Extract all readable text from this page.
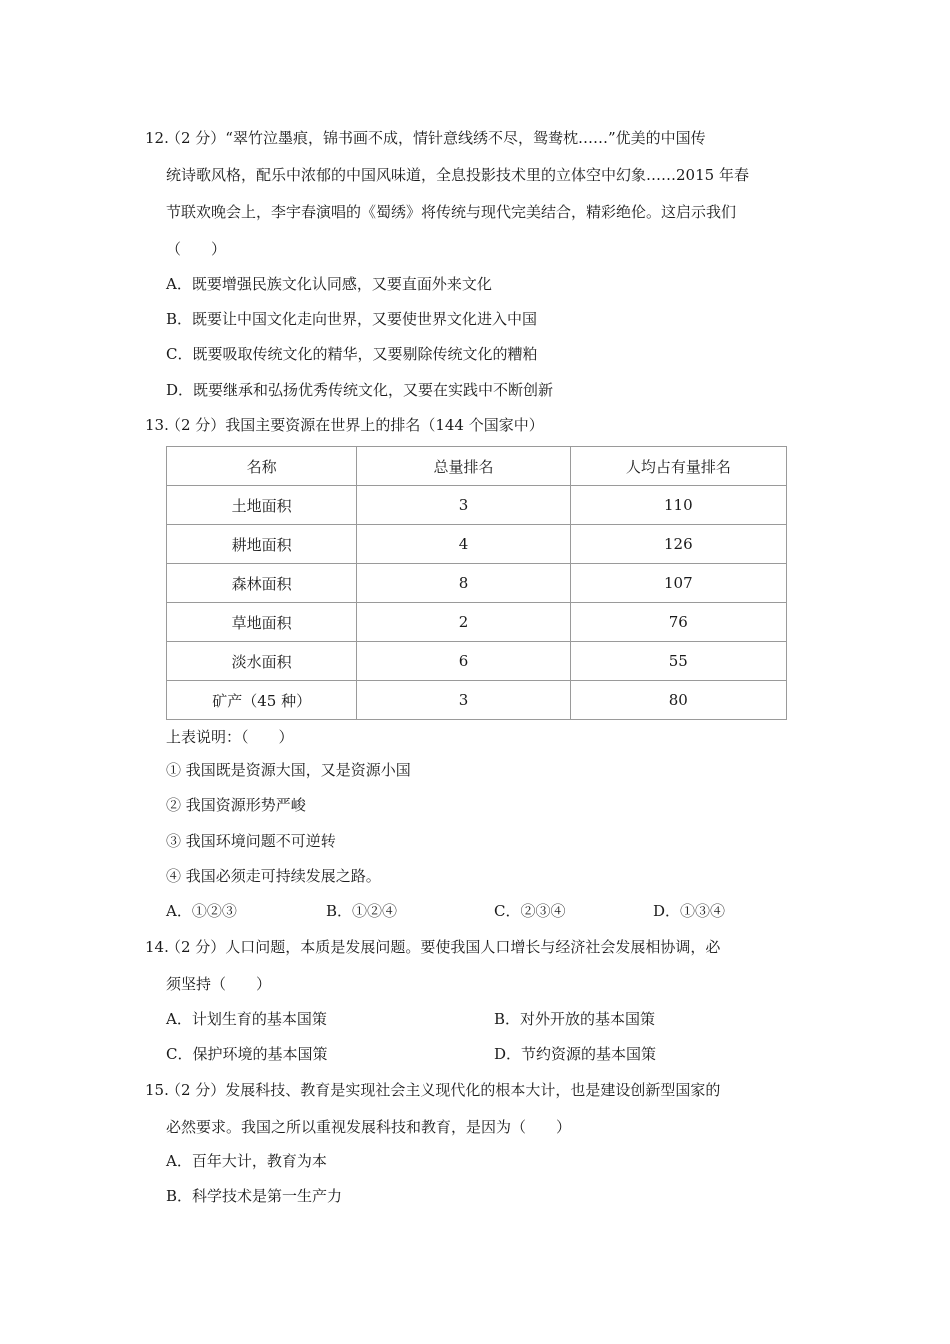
12.
（2 分）“翠竹泣墨痕，锦书画不成，情针意线绣不尽，鸳鸯枕……”优美的中国传
统诗歌风格，配乐中浓郁的中国风味道，全息投影技术里的立体空中幻象……2015 年春
节联欢晚会上，李宇春演唱的《蜀绣》将传统与现代完美结合，精彩绝伦。这启示我们
（　　）
A．既要增强民族文化认同感，又要直面外来文化
B．既要让中国文化走向世界，又要使世界文化进入中国
C．既要吸取传统文化的精华，又要剔除传统文化的糟粕
D．既要继承和弘扬优秀传统文化，又要在实践中不断创新
13.
（2 分）我国主要资源在世界上的排名（144 个国家中）
名称	总量排名	人均占有量排名
土地面积	3	110
耕地面积	4	126
森林面积	8	107
草地面积	2	76
淡水面积	6	55
矿产（45 种）	3	80
上表说明：（　　）
① 我国既是资源大国，又是资源小国
② 我国资源形势严峻
③ 我国环境问题不可逆转
④ 我国必须走可持续发展之路。
A．①②③	B．①②④	C．②③④	D．①③④
14.
（2 分）人口问题，本质是发展问题。要使我国人口增长与经济社会发展相协调，必
须坚持（　　）
A．计划生育的基本国策	B．对外开放的基本国策
C．保护环境的基本国策	D．节约资源的基本国策
15.
（2 分）发展科技、教育是实现社会主义现代化的根本大计，也是建设创新型国家的
必然要求。我国之所以重视发展科技和教育，是因为（　　）
A．百年大计，教育为本
B．科学技术是第一生产力
